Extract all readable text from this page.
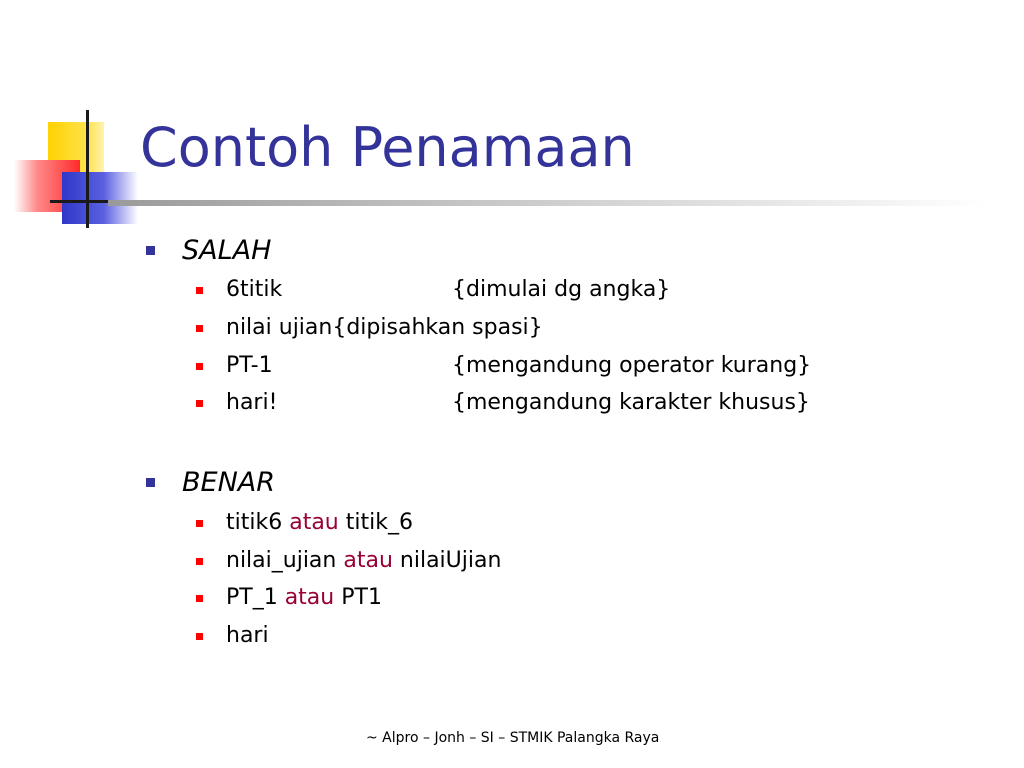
Contoh Penamaan
SALAH
6titik	{dimulai dg angka}
nilai ujian{dipisahkan spasi}
PT-1	{mengandung operator kurang}
hari!	{mengandung karakter khusus}
BENAR
titik6 atau titik_6
nilai_ujian atau nilaiUjian
PT_1 atau PT1
hari
~ Alpro – Jonh – SI – STMIK Palangka Raya
